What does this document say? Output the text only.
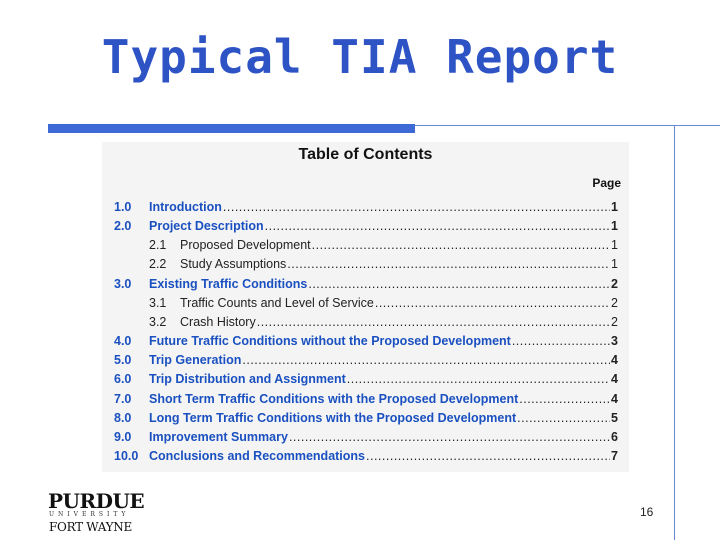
Typical TIA Report
Table of Contents
Page
1.0 Introduction .....	1
2.0 Project Description .....	1
2.1	Proposed Development .....	1
2.2	Study Assumptions .....	1
3.0 Existing Traffic Conditions .....	2
3.1	Traffic Counts and Level of Service .....	2
3.2	Crash History .....	2
4.0 Future Traffic Conditions without the Proposed Development .....	3
5.0 Trip Generation .....	4
6.0 Trip Distribution and Assignment .....	4
7.0 Short Term Traffic Conditions with the Proposed Development .....	4
8.0 Long Term Traffic Conditions with the Proposed Development .....	5
9.0 Improvement Summary .....	6
10.0 Conclusions and Recommendations .....	7
PURDUE
UNIVERSITY
FORT WAYNE
16
